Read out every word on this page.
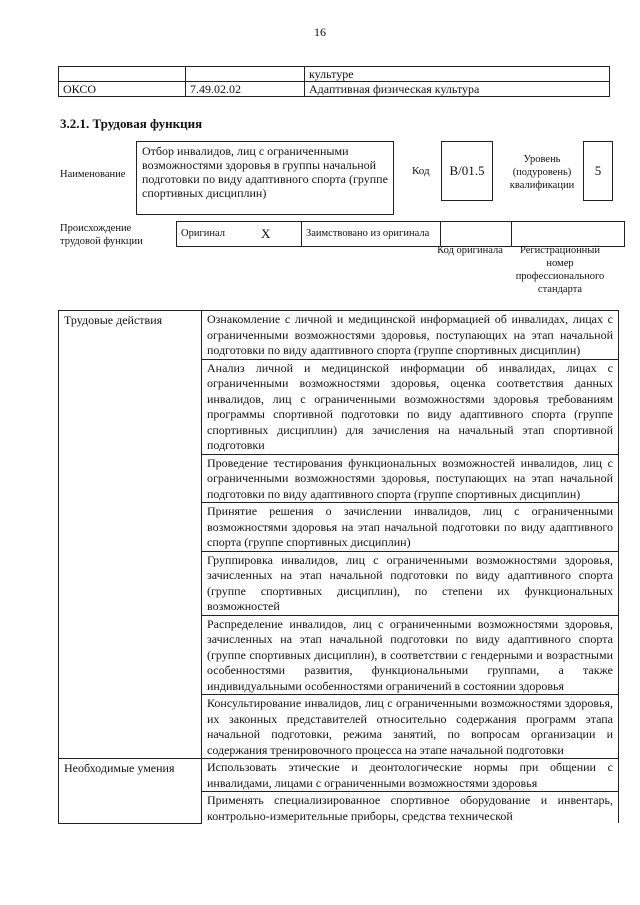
16
		культуре
ОКСО	7.49.02.02	Адаптивная физическая культура
3.2.1. Трудовая функция
Наименование
Отбор инвалидов, лиц с ограниченными возможностями здоровья в группы начальной подготовки по виду адаптивного спорта (группе спортивных дисциплин)
Код В/01.5
Уровень (подуровень) квалификации
5
Происхождение трудовой функции
Оригинал	Х	Заимствовано из оригинала		
Код оригинала	Регистрационный номер профессионального стандарта
Трудовые действия	Ознакомление с личной и медицинской информацией об инвалидах, лицах с ограниченными возможностями здоровья, поступающих на этап начальной подготовки по виду адаптивного спорта (группе спортивных дисциплин)
	Анализ личной и медицинской информации об инвалидах, лицах с ограниченными возможностями здоровья, оценка соответствия данных инвалидов, лиц с ограниченными возможностями здоровья требованиям программы спортивной подготовки по виду адаптивного спорта (группе спортивных дисциплин) для зачисления на начальный этап спортивной подготовки
	Проведение тестирования функциональных возможностей инвалидов, лиц с ограниченными возможностями здоровья, поступающих на этап начальной подготовки по виду адаптивного спорта (группе спортивных дисциплин)
	Принятие решения о зачислении инвалидов, лиц с ограниченными возможностями здоровья на этап начальной подготовки по виду адаптивного спорта (группе спортивных дисциплин)
	Группировка инвалидов, лиц с ограниченными возможностями здоровья, зачисленных на этап начальной подготовки по виду адаптивного спорта (группе спортивных дисциплин), по степени их функциональных возможностей
	Распределение инвалидов, лиц с ограниченными возможностями здоровья, зачисленных на этап начальной подготовки по виду адаптивного спорта (группе спортивных дисциплин), в соответствии с гендерными и возрастными особенностями развития, функциональными группами, а также индивидуальными особенностями ограничений в состоянии здоровья
	Консультирование инвалидов, лиц с ограниченными возможностями здоровья, их законных представителей относительно содержания программ этапа начальной подготовки, режима занятий, по вопросам организации и содержания тренировочного процесса на этапе начальной подготовки
Необходимые умения	Использовать этические и деонтологические нормы при общении с инвалидами, лицами с ограниченными возможностями здоровья

	Применять специализированное спортивное оборудование и инвентарь, контрольно-измерительные приборы, средства технической
